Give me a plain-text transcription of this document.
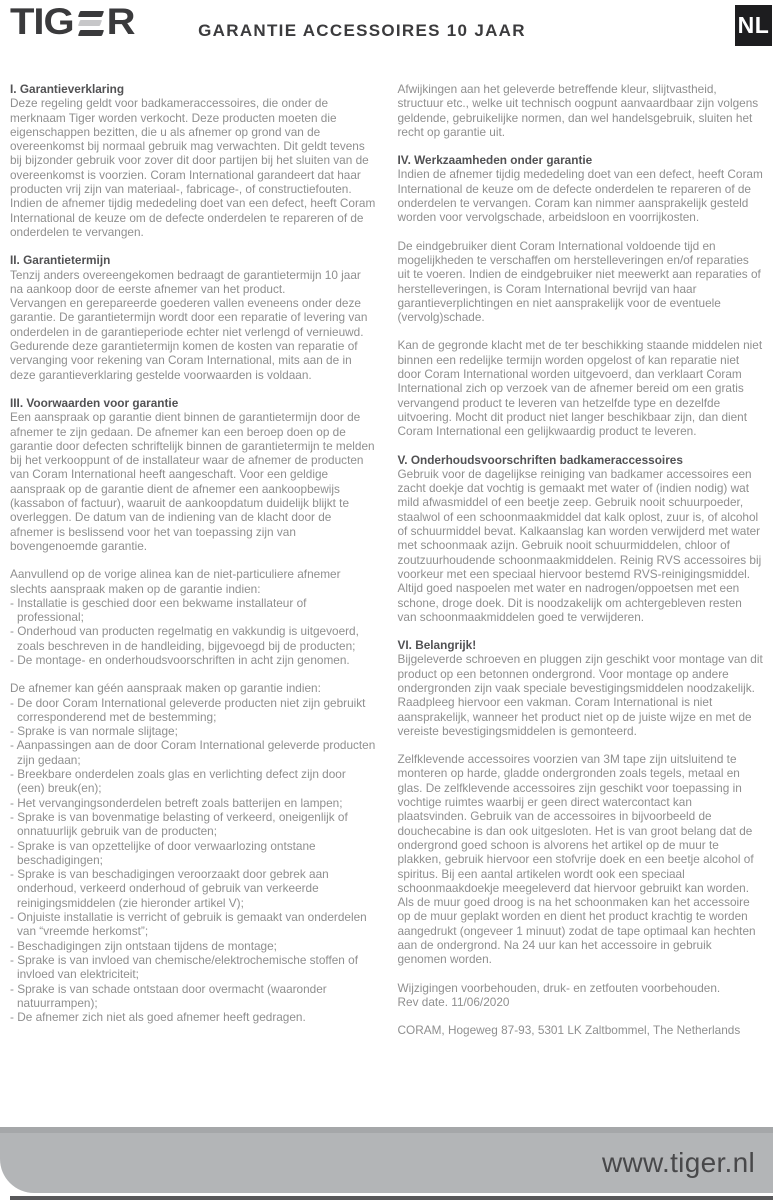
TIG R	GARANTIE ACCESSOIRES 10 JAAR	NL
I. Garantieverklaring

Deze regeling geldt voor badkameraccessoires, die onder de merknaam Tiger worden verkocht. Deze producten moeten die eigenschappen bezitten, die u als afnemer op grond van de overeenkomst bij normaal gebruik mag verwachten. Dit geldt tevens bij bijzonder gebruik voor zover dit door partijen bij het sluiten van de overeenkomst is voorzien. Coram International garandeert dat haar producten vrij zijn van materiaal-, fabricage-, of constructiefouten. Indien de afnemer tijdig mededeling doet van een defect, heeft Coram International de keuze om de defecte onderdelen te repareren of de onderdelen te vervangen.

II. Garantietermijn

Tenzij anders overeengekomen bedraagt de garantietermijn 10 jaar na aankoop door de eerste afnemer van het product.

Vervangen en gerepareerde goederen vallen eveneens onder deze garantie. De garantietermijn wordt door een reparatie of levering van onderdelen in de garantieperiode echter niet verlengd of vernieuwd.

Gedurende deze garantietermijn komen de kosten van reparatie of vervanging voor rekening van Coram International, mits aan de in deze garantieverklaring gestelde voorwaarden is voldaan.

III. Voorwaarden voor garantie

Een aanspraak op garantie dient binnen de garantietermijn door de afnemer te zijn gedaan. De afnemer kan een beroep doen op de garantie door defecten schriftelijk binnen de garantietermijn te melden bij het verkooppunt of de installateur waar de afnemer de producten van Coram International heeft aangeschaft. Voor een geldige aanspraak op de garantie dient de afnemer een aankoopbewijs (kassabon of factuur), waaruit de aankoopdatum duidelijk blijkt te overleggen. De datum van de indiening van de klacht door de afnemer is beslissend voor het van toepassing zijn van bovengenoemde garantie.

Aanvullend op de vorige alinea kan de niet-particuliere afnemer slechts aanspraak maken op de garantie indien:

- Installatie is geschied door een bekwame installateur of professional;
- Onderhoud van producten regelmatig en vakkundig is uitgevoerd, zoals beschreven in de handleiding, bijgevoegd bij de producten;
- De montage- en onderhoudsvoorschriften in acht zijn genomen.

De afnemer kan géén aanspraak maken op garantie indien:

- De door Coram International geleverde producten niet zijn gebruikt corresponderend met de bestemming;
- Sprake is van normale slijtage;
- Aanpassingen aan de door Coram International geleverde producten zijn gedaan;
- Breekbare onderdelen zoals glas en verlichting defect zijn door (een) breuk(en);
- Het vervangingsonderdelen betreft zoals batterijen en lampen;
- Sprake is van bovenmatige belasting of verkeerd, oneigenlijk of onnatuurlijk gebruik van de producten;
- Sprake is van opzettelijke of door verwaarlozing ontstane beschadigingen;
- Sprake is van beschadigingen veroorzaakt door gebrek aan onderhoud, verkeerd onderhoud of gebruik van verkeerde reinigingsmiddelen (zie hieronder artikel V);
- Onjuiste installatie is verricht of gebruik is gemaakt van onderdelen van “vreemde herkomst”;
- Beschadigingen zijn ontstaan tijdens de montage;
- Sprake is van invloed van chemische/elektrochemische stoffen of invloed van elektriciteit;
- Sprake is van schade ontstaan door overmacht (waaronder natuurrampen);
- De afnemer zich niet als goed afnemer heeft gedragen.

Afwijkingen aan het geleverde betreffende kleur, slijtvastheid, structuur etc., welke uit technisch oogpunt aanvaardbaar zijn volgens geldende, gebruikelijke normen, dan wel handelsgebruik, sluiten het recht op garantie uit.

IV. Werkzaamheden onder garantie

Indien de afnemer tijdig mededeling doet van een defect, heeft Coram International de keuze om de defecte onderdelen te repareren of de onderdelen te vervangen. Coram kan nimmer aansprakelijk gesteld worden voor vervolgschade, arbeidsloon en voorrijkosten.

De eindgebruiker dient Coram International voldoende tijd en mogelijkheden te verschaffen om herstelleveringen en/of reparaties uit te voeren. Indien de eindgebruiker niet meewerkt aan reparaties of herstelleveringen, is Coram International bevrijd van haar garantieverplichtingen en niet aansprakelijk voor de eventuele (vervolg)schade.

Kan de gegronde klacht met de ter beschikking staande middelen niet binnen een redelijke termijn worden opgelost of kan reparatie niet door Coram International worden uitgevoerd, dan verklaart Coram International zich op verzoek van de afnemer bereid om een gratis vervangend product te leveren van hetzelfde type en dezelfde uitvoering. Mocht dit product niet langer beschikbaar zijn, dan dient Coram International een gelijkwaardig product te leveren.

V. Onderhoudsvoorschriften badkameraccessoires

Gebruik voor de dagelijkse reiniging van badkamer accessoires een zacht doekje dat vochtig is gemaakt met water of (indien nodig) wat mild afwasmiddel of een beetje zeep. Gebruik nooit schuurpoeder, staalwol of een schoonmaakmiddel dat kalk oplost, zuur is, of alcohol of schuurmiddel bevat. Kalkaanslag kan worden verwijderd met water met schoonmaak azijn. Gebruik nooit schuurmiddelen, chloor of zoutzuurhoudende schoonmaakmiddelen. Reinig RVS accessoires bij voorkeur met een speciaal hiervoor bestemd RVS-reinigingsmiddel. Altijd goed naspoelen met water en nadrogen/oppoetsen met een schone, droge doek. Dit is noodzakelijk om achtergebleven resten van schoonmaakmiddelen goed te verwijderen.

VI. Belangrijk!

Bijgeleverde schroeven en pluggen zijn geschikt voor montage van dit product op een betonnen ondergrond. Voor montage op andere ondergronden zijn vaak speciale bevestigingsmiddelen noodzakelijk. Raadpleeg hiervoor een vakman. Coram International is niet aansprakelijk, wanneer het product niet op de juiste wijze en met de vereiste bevestigingsmiddelen is gemonteerd.

Zelfklevende accessoires voorzien van 3M tape zijn uitsluitend te monteren op harde, gladde ondergronden zoals tegels, metaal en glas. De zelfklevende accessoires zijn geschikt voor toepassing in vochtige ruimtes waarbij er geen direct watercontact kan plaatsvinden. Gebruik van de accessoires in bijvoorbeeld de douchecabine is dan ook uitgesloten. Het is van groot belang dat de ondergrond goed schoon is alvorens het artikel op de muur te plakken, gebruik hiervoor een stofvrije doek en een beetje alcohol of spiritus. Bij een aantal artikelen wordt ook een speciaal schoonmaakdoekje meegeleverd dat hiervoor gebruikt kan worden. Als de muur goed droog is na het schoonmaken kan het accessoire op de muur geplakt worden en dient het product krachtig te worden aangedrukt (ongeveer 1 minuut) zodat de tape optimaal kan hechten aan de ondergrond. Na 24 uur kan het accessoire in gebruik genomen worden.

Wijzigingen voorbehouden, druk- en zetfouten voorbehouden.
Rev date. 11/06/2020
CORAM, Hogeweg 87-93, 5301 LK Zaltbommel, The Netherlands
www.tiger.nl
